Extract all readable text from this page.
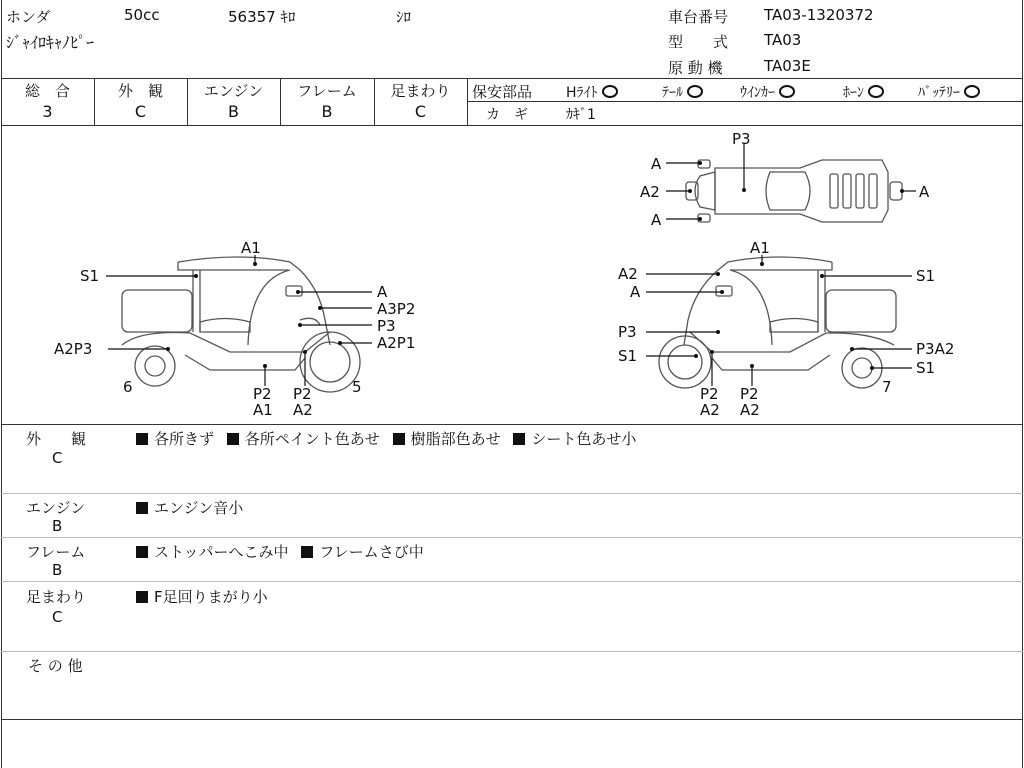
ホンダ	50cc	56357 ｷﾛ	ｼﾛ
ｼﾞｬｲﾛｷｬﾉﾋﾟｰ
車台番号 TA03-1320372
型　　式 TA03
原 動 機	TA03E
総　合
3
外　観
C
エンジン
B
フレーム
B
足まわり
C
保安部品 Hﾗｲﾄ	ﾃｰﾙ	ｳｲﾝｶｰ	ﾎｰﾝ	ﾊﾞｯﾃﾘｰ
カ　ギ	ｶｷﾞ1
P3
A
A2
A
A
A1
S1
A
A3P2
P3
A2P3	A2P1
6	5
P2
A1
P2
A2
A1
A2
A
S1
P3
S1	P3A2
S1
7
P2
A2
P2
A2
外　　観
C
各所きず 各所ペイント色あせ 樹脂部色あせ シート色あせ小
エンジン
B
エンジン音小
フレーム
B
ストッパーへこみ中 フレームさび中
足まわり
C
F足回りまがり小
そ の 他
